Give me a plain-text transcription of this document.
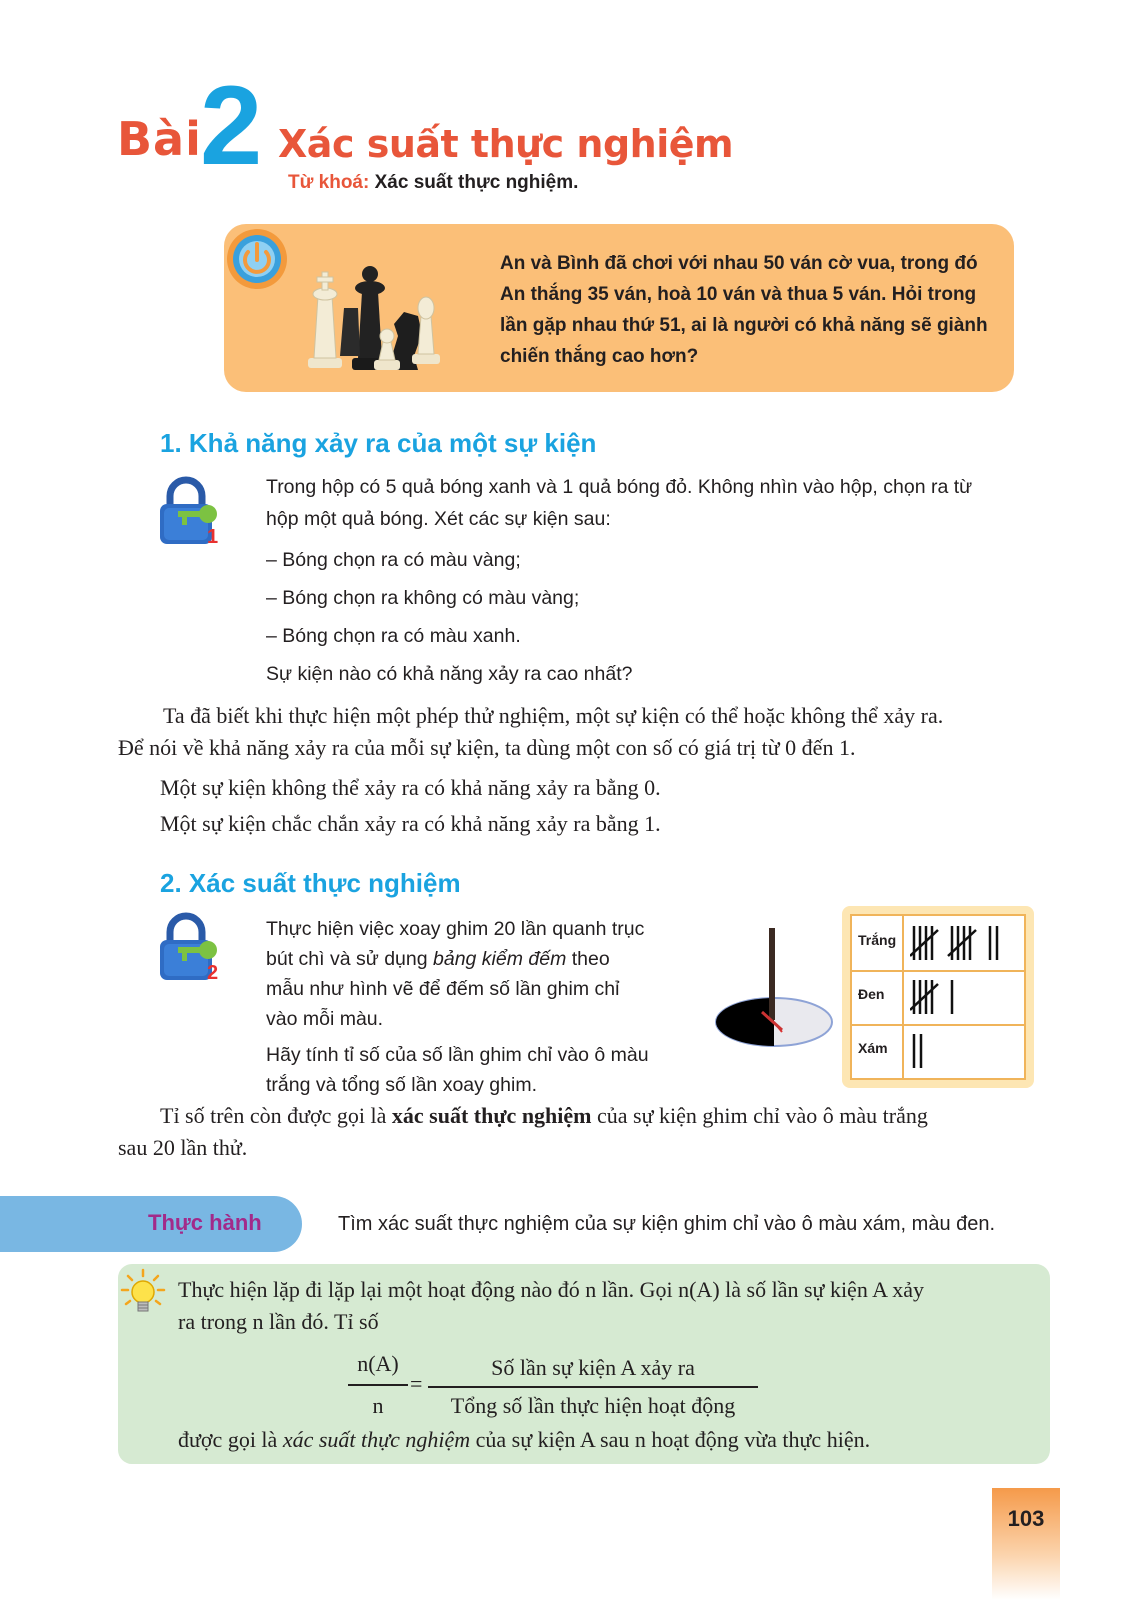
Bài
2 Xác suất thực nghiệm
Từ khoá: Xác suất thực nghiệm.
An và Bình đã chơi với nhau 50 ván cờ vua, trong đó An thắng 35 ván, hoà 10 ván và thua 5 ván. Hỏi trong lần gặp nhau thứ 51, ai là người có khả năng sẽ giành chiến thắng cao hơn?
1. Khả năng xảy ra của một sự kiện
1
Trong hộp có 5 quả bóng xanh và 1 quả bóng đỏ. Không nhìn vào hộp, chọn ra từ
hộp một quả bóng. Xét các sự kiện sau:
– Bóng chọn ra có màu vàng;
– Bóng chọn ra không có màu vàng;
– Bóng chọn ra có màu xanh.
Sự kiện nào có khả năng xảy ra cao nhất?
Ta đã biết khi thực hiện một phép thử nghiệm, một sự kiện có thể hoặc không thể xảy ra.
Để nói về khả năng xảy ra của mỗi sự kiện, ta dùng một con số có giá trị từ 0 đến 1.
Một sự kiện không thể xảy ra có khả năng xảy ra bằng 0.
Một sự kiện chắc chắn xảy ra có khả năng xảy ra bằng 1.
2. Xác suất thực nghiệm
2
Thực hiện việc xoay ghim 20 lần quanh trục
bút chì và sử dụng bảng kiểm đếm theo
mẫu như hình vẽ để đếm số lần ghim chỉ
vào mỗi màu.
Hãy tính tỉ số của số lần ghim chỉ vào ô màu
trắng và tổng số lần xoay ghim.
Trắng
Đen
Xám
Tỉ số trên còn được gọi là xác suất thực nghiệm của sự kiện ghim chỉ vào ô màu trắng
sau 20 lần thử.
Thực hành	Tìm xác suất thực nghiệm của sự kiện ghim chỉ vào ô màu xám, màu đen.
Thực hiện lặp đi lặp lại một hoạt động nào đó n lần. Gọi n(A) là số lần sự kiện A xảy
ra trong n lần đó. Tỉ số
n(A)
n
=
Số lần sự kiện A xảy ra
Tổng số lần thực hiện hoạt động
được gọi là xác suất thực nghiệm của sự kiện A sau n hoạt động vừa thực hiện.
103
